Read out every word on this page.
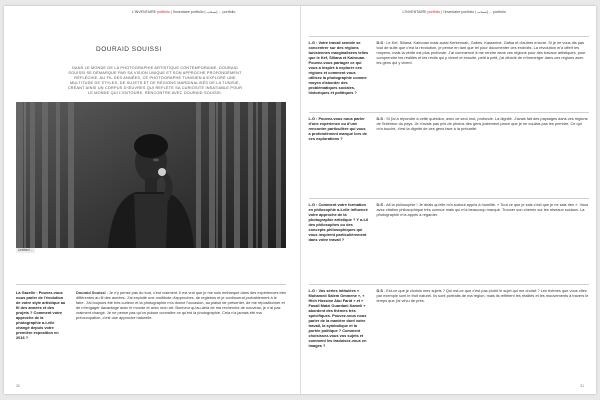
L'INVENTAIRE portfolio | l'inventaire portfolio | إنسحب ... portfolio
DOURAID SOUISSI
DANS LE MONDE DE LA PHOTOGRAPHIE ARTISTIQUE CONTEMPORAINE, DOURAID SOUISSI SE DÉMARQUE PAR SA VISION UNIQUE ET SON APPROCHE PROFONDÉMENT RÉFLÉCHIE. AU FIL DES ANNÉES, CE PHOTOGRAPHE TUNISIEN A EXPLORÉ UNE MULTITUDE DE STYLES, DE SUJETS ET DE RÉGIONS MARGINALISÉS DE LA TUNISIE, CRÉANT AINSI UN CORPUS D'ŒUVRES QUI REFLÈTE SA CURIOSITÉ INSATIABLE POUR LE MONDE QUI L'ENTOURE. RENCONTRE AVEC DOURAID SOUISSI.
Untitled ...
La Gazelle : Pouvez-vous nous parler de l'évolution de votre style artistique au fil des années et des projets ? Comment votre approche de la photographie a-t-elle changé depuis votre première exposition en 2016 ?
Douraid Souissi : Je n'y pense pas du tout, c'est vraiment. Il est vrai que je me suis embarqué dans des expériences très différentes au fil des années. J'ai exploité une multitude d'approches, de registres et je continuerai probablement à le faire. J'ai toujours été très curieux et la photographie m'a donné l'occasion, au plaisir de présenter, de me repositionner et de m'engager davantage avec le monde et avec mon art. Bonheur qu'au-delà de ma recherche de nouveau, je n'ai pas vraiment changé. Je ne pense pas qu'on puisse connaître ce qu'est la photographie. Cela n'a jamais été ma préoccupation, c'est une approche naturelle.
30
L'INVENTAIRE portfolio | l'inventaire portfolio | إنسحب ... portfolio
L.G : Votre travail semble se concentrer sur des régions tunisiennes marginalisées telles que le Kef, Siliana et Kairouan. Pouvez-vous partager ce qui vous a inspiré à explorer ces régions et comment vous utilisez la photographie comme moyen d'aborder des problématiques sociales, historiques et politiques ?
D.S : Le Kef, Siliana, Kairouan mais aussi Kerkennah, Gabès, Kasserine, Gafsa et d'autres encore. Si je ne vous dis pas tout de suite que c'est la révolution, je pense en tant que tel pour documenter ces endroits. La révolution m'a offert les moyens, mais la vérité est plus profonde. J'ai commencé à me rendre dans ces régions pour des travaux artistiques, pour comprendre les réalités et les récits qui y vivent et ensuite, petit à petit, j'ai décidé de m'immerger dans ces régions avec les gens qui y vivent.
L.G : Pouvez-vous nous parler d'une expérience ou d'une rencontre particulière qui vous a profondément marqué lors de ces explorations ?
D.S : Si j'ai à répondre à cette question, avec ce seul mot, profonde. La dignité. J'avais fait des paysages dans ces régions de l'intérieur du pays. Je n'avais pas pris de photos des gens justement parce que je ne voulais pas les prendre. Ce qui m'a touché, c'est la dignité de ces gens face à la précarité.
L.G : Comment votre formation en philosophie a-t-elle influencé votre approche de la photographie artistique ? Y a-t-il des philosophes ou des concepts philosophiques qui vous inspirent particulièrement dans votre travail ?
D.S : Alt la philosophie ! Je dirais qu'elle m'a surtout appris à humilité. « Tout ce que je sais c'est que je ne sais rien ». Vous avez citation philosophique très connue mais qui m'a beaucoup marqué. Trouver son chemin sur les réseaux sociaux. La photographie m'a appris à regarder.
L.G : Vos séries intitulées « Mohamed Salem Ommene », « Hich Hossine Abu Farid » et « Fasail Matzi Ouardani Kameli » abordent des thèmes très spécifiques. Pouvez-vous nous parler de la manière dont votre travail, la symbolique et la portée politique ? Comment choisissez-vous vos sujets et comment les traduisez-vous en images ?
D.S : Est-ce que je choisis mes sujets ? Qui est-ce que c'est pas plutôt le sujet qui me choisit ? Les thèmes que vous citez par exemple sont le fruit naturel. Ils sont portraits de ma région, mais ils reflètent les réalités et les mouvements à travers le temps que j'ai vécu de près.
31
